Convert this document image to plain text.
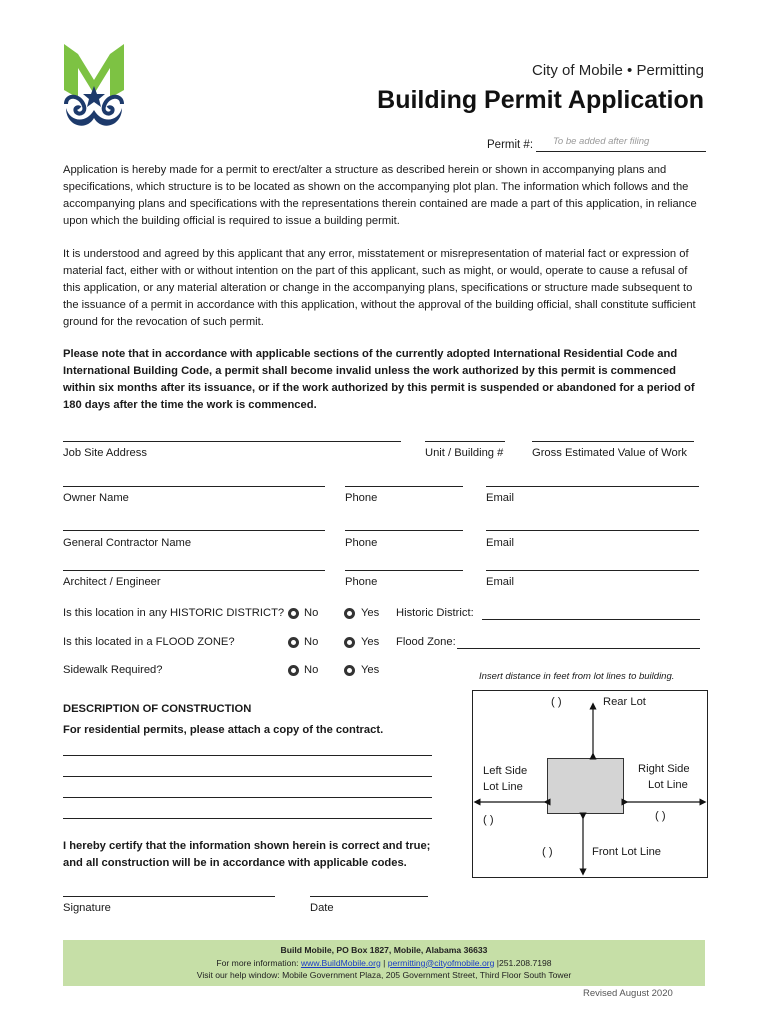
City of Mobile • Permitting
Building Permit Application
Permit #: To be added after filing
Application is hereby made for a permit to erect/alter a structure as described herein or shown in accompanying plans and specifications, which structure is to be located as shown on the accompanying plot plan. The information which follows and the accompanying plans and specifications with the representations therein contained are made a part of this application, in reliance upon which the building official is required to issue a building permit.
It is understood and agreed by this applicant that any error, misstatement or misrepresentation of material fact or expression of material fact, either with or without intention on the part of this applicant, such as might, or would, operate to cause a refusal of this application, or any material alteration or change in the accompanying plans, specifications or structure made subsequent to the issuance of a permit in accordance with this application, without the approval of the building official, shall constitute sufficient ground for the revocation of such permit.
Please note that in accordance with applicable sections of the currently adopted International Residential Code and International Building Code, a permit shall become invalid unless the work authorized by this permit is commenced within six months after its issuance, or if the work authorized by this permit is suspended or abandoned for a period of 180 days after the time the work is commenced.
Job Site Address	Unit / Building #	Gross Estimated Value of Work
Owner Name	Phone	Email
General Contractor Name	Phone	Email
Architect / Engineer	Phone	Email
Is this location in any HISTORIC DISTRICT? No	Yes Historic District:
Is this located in a FLOOD ZONE?	No	Yes Flood Zone:
Sidewalk Required?	No	Yes
DESCRIPTION OF CONSTRUCTION
For residential permits, please attach a copy of the contract.
I hereby certify that the information shown herein is correct and true; and all construction will be in accordance with applicable codes.
Signature	Date
Insert distance in feet from lot lines to building.
( )	Rear Lot
Left Side
Lot Line
Right Side
Lot Line
( )	( )
( )	Front Lot Line
Build Mobile, PO Box 1827, Mobile, Alabama 36633
For more information: www.BuildMobile.org | permitting@cityofmobile.org |251.208.7198
Visit our help window: Mobile Government Plaza, 205 Government Street, Third Floor South Tower
Revised August 2020
